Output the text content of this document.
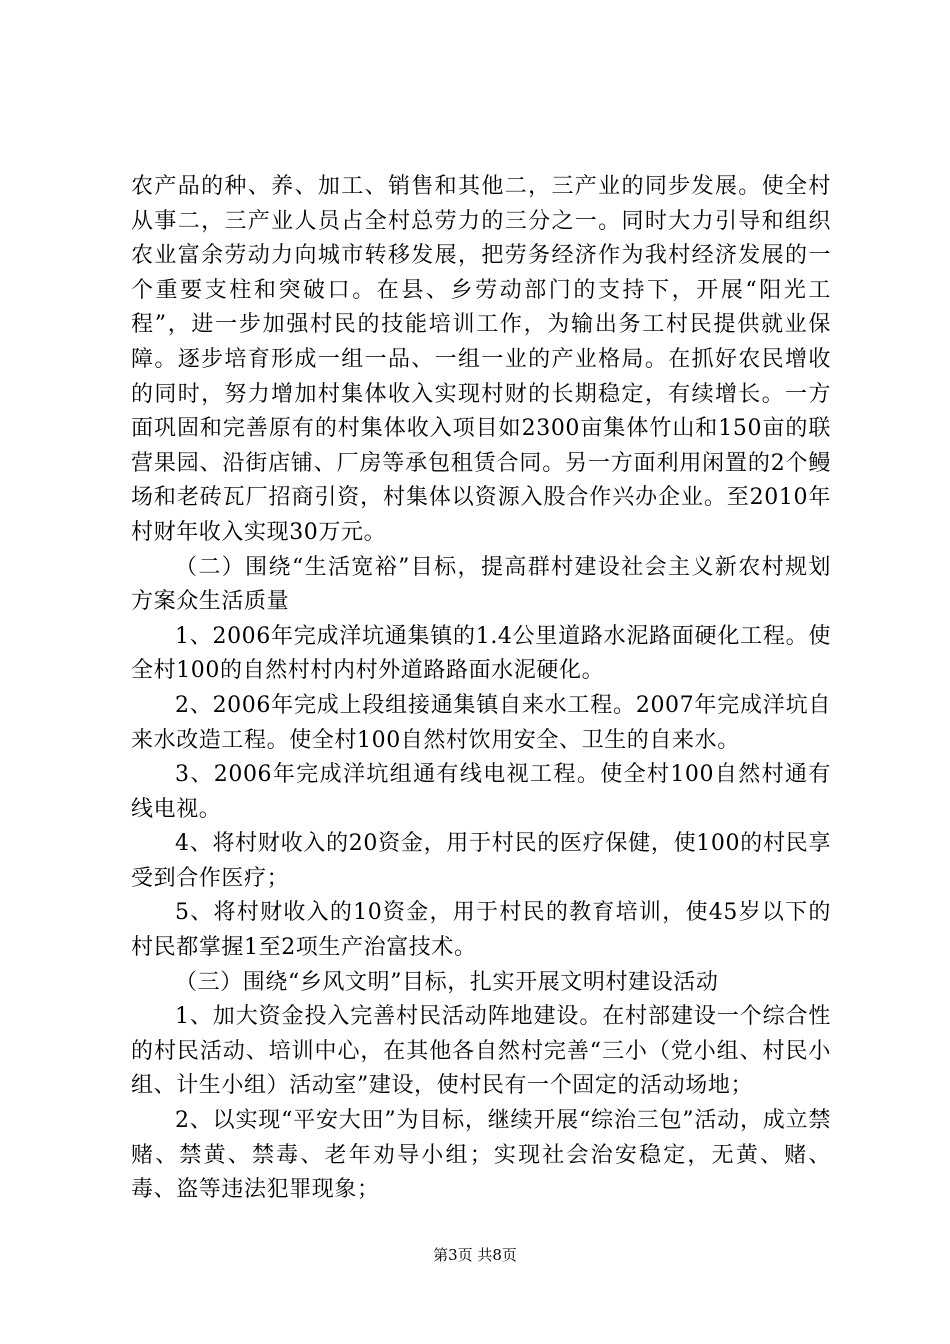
农产品的种、养、加工、销售和其他二，三产业的同步发展。使全村从事二，三产业人员占全村总劳力的三分之一。同时大力引导和组织农业富余劳动力向城市转移发展，把劳务经济作为我村经济发展的一个重要支柱和突破口。在县、乡劳动部门的支持下，开展“阳光工程”，进一步加强村民的技能培训工作，为输出务工村民提供就业保障。逐步培育形成一组一品、一组一业的产业格局。在抓好农民增收的同时，努力增加村集体收入实现村财的长期稳定，有续增长。一方面巩固和完善原有的村集体收入项目如2300亩集体竹山和150亩的联营果园、沿街店铺、厂房等承包租赁合同。另一方面利用闲置的2个鳗场和老砖瓦厂招商引资，村集体以资源入股合作兴办企业。至2010年村财年收入实现30万元。

（二）围绕“生活宽裕”目标，提高群村建设社会主义新农村规划方案众生活质量

1、2006年完成洋坑通集镇的1.4公里道路水泥路面硬化工程。使全村100的自然村村内村外道路路面水泥硬化。

2、2006年完成上段组接通集镇自来水工程。2007年完成洋坑自来水改造工程。使全村100自然村饮用安全、卫生的自来水。

3、2006年完成洋坑组通有线电视工程。使全村100自然村通有线电视。

4、将村财收入的20资金，用于村民的医疗保健，使100的村民享受到合作医疗；

5、将村财收入的10资金，用于村民的教育培训，使45岁以下的村民都掌握1至2项生产治富技术。

（三）围绕“乡风文明”目标，扎实开展文明村建设活动

1、加大资金投入完善村民活动阵地建设。在村部建设一个综合性的村民活动、培训中心，在其他各自然村完善“三小（党小组、村民小组、计生小组）活动室”建设，使村民有一个固定的活动场地；

2、以实现“平安大田”为目标，继续开展“综治三包”活动，成立禁赌、禁黄、禁毒、老年劝导小组；实现社会治安稳定，无黄、赌、毒、盗等违法犯罪现象；

第3页 共8页
